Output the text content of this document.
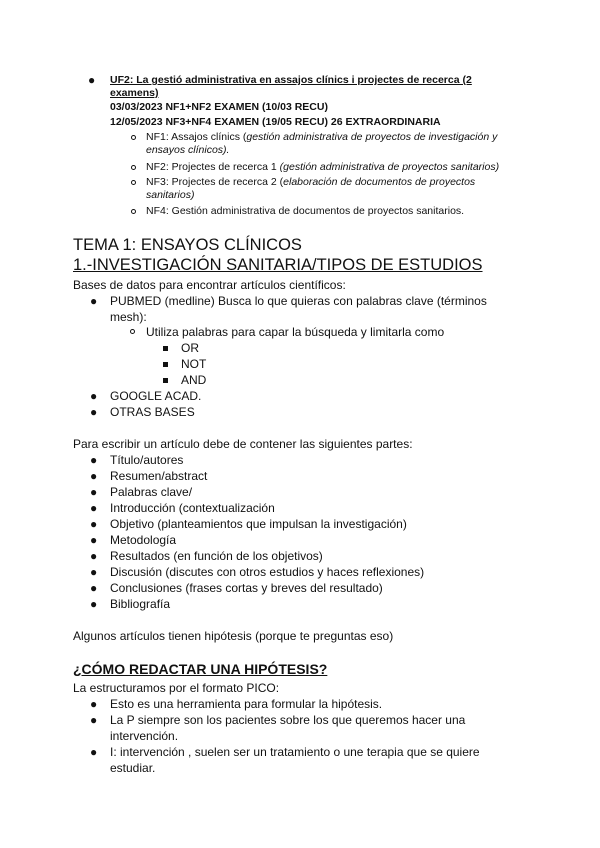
● UF2: La gestió administrativa en assajos clínics i projectes de recerca (2
examens)
03/03/2023 NF1+NF2 EXAMEN (10/03 RECU)
12/05/2023 NF3+NF4 EXAMEN (19/05 RECU) 26 EXTRAORDINARIA
NF1: Assajos clínics (gestión administrativa de proyectos de investigación y
ensayos clínicos).
NF2: Projectes de recerca 1 (gestión administrativa de proyectos sanitarios)
NF3: Projectes de recerca 2 (elaboración de documentos de proyectos
sanitarios)
NF4: Gestión administrativa de documentos de proyectos sanitarios.
TEMA 1: ENSAYOS CLÍNICOS
1.-INVESTIGACIÓN SANITARIA/TIPOS DE ESTUDIOS
Bases de datos para encontrar artículos científicos:
● PUBMED (medline) Busca lo que quieras con palabras clave (términos
mesh):
Utiliza palabras para capar la búsqueda y limitarla como
OR
NOT
AND
● GOOGLE ACAD.
● OTRAS BASES
Para escribir un artículo debe de contener las siguientes partes:
● Título/autores
● Resumen/abstract
● Palabras clave/
● Introducción (contextualización
● Objetivo (planteamientos que impulsan la investigación)
● Metodología
● Resultados (en función de los objetivos)
● Discusión (discutes con otros estudios y haces reflexiones)
● Conclusiones (frases cortas y breves del resultado)
● Bibliografía
Algunos artículos tienen hipótesis (porque te preguntas eso)
¿CÓMO REDACTAR UNA HIPÓTESIS?
La estructuramos por el formato PICO:
● Esto es una herramienta para formular la hipótesis.
● La P siempre son los pacientes sobre los que queremos hacer una
intervención.
● I: intervención , suelen ser un tratamiento o une terapia que se quiere
estudiar.
